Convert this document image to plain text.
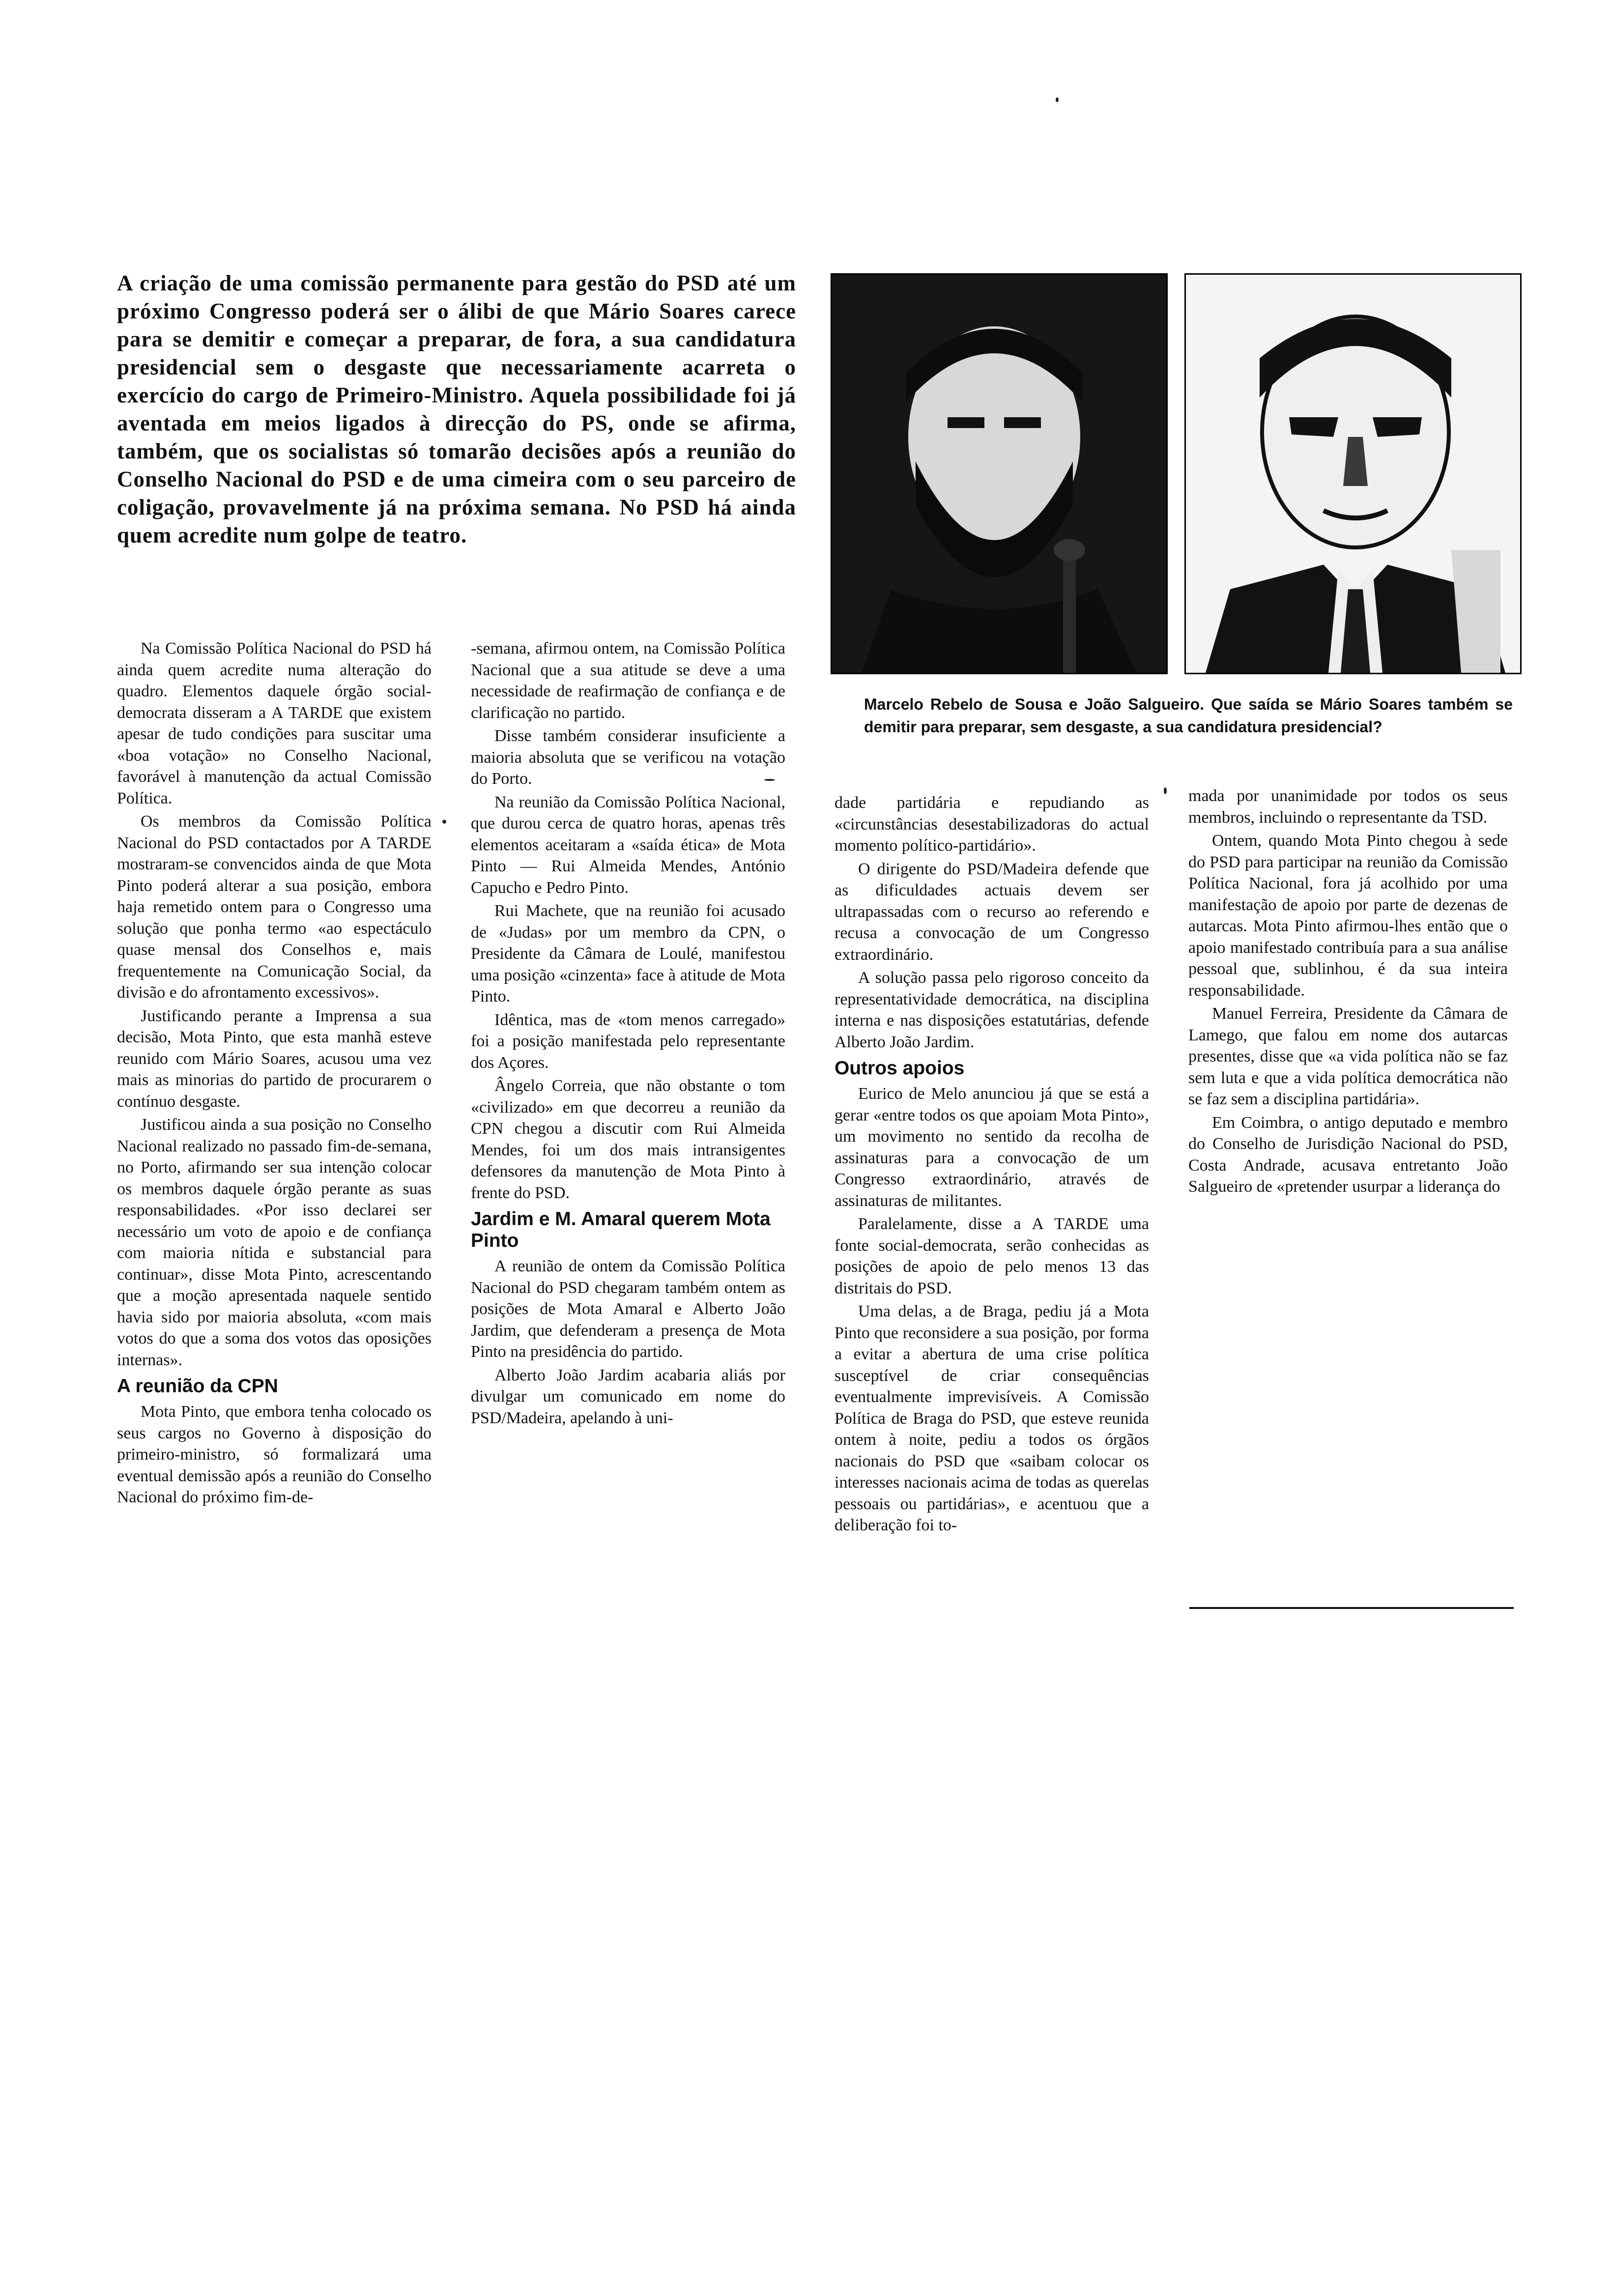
A criação de uma comissão permanente para gestão do PSD até um próximo Congresso poderá ser o álibi de que Mário Soares carece para se demitir e começar a preparar, de fora, a sua candidatura presidencial sem o desgaste que necessariamente acarreta o exercício do cargo de Primeiro-Ministro. Aquela possibilidade foi já aventada em meios ligados à direcção do PS, onde se afirma, também, que os socialistas só tomarão decisões após a reunião do Conselho Nacional do PSD e de uma cimeira com o seu parceiro de coligação, provavelmente já na próxima semana. No PSD há ainda quem acredite num golpe de teatro.

Marcelo Rebelo de Sousa e João Salgueiro. Que saída se Mário Soares também se demitir para preparar, sem desgaste, a sua candidatura presidencial?

Na Comissão Política Nacional do PSD há ainda quem acredite numa alteração do quadro. Elementos daquele órgão social-democrata disseram a A TARDE que existem apesar de tudo condições para suscitar uma «boa votação» no Conselho Nacional, favorável à manutenção da actual Comissão Política.

Os membros da Comissão Política Nacional do PSD contactados por A TARDE mostraram-se convencidos ainda de que Mota Pinto poderá alterar a sua posição, embora haja remetido ontem para o Congresso uma solução que ponha termo «ao espectáculo quase mensal dos Conselhos e, mais frequentemente na Comunicação Social, da divisão e do afrontamento excessivos».

Justificando perante a Imprensa a sua decisão, Mota Pinto, que esta manhã esteve reunido com Mário Soares, acusou uma vez mais as minorias do partido de procurarem o contínuo desgaste.

Justificou ainda a sua posição no Conselho Nacional realizado no passado fim-de-semana, no Porto, afirmando ser sua intenção colocar os membros daquele órgão perante as suas responsabilidades. «Por isso declarei ser necessário um voto de apoio e de confiança com maioria nítida e substancial para continuar», disse Mota Pinto, acrescentando que a moção apresentada naquele sentido havia sido por maioria absoluta, «com mais votos do que a soma dos votos das oposições internas».

A reunião da CPN

Mota Pinto, que embora tenha colocado os seus cargos no Governo à disposição do primeiro-ministro, só formalizará uma eventual demissão após a reunião do Conselho Nacional do próximo fim-de-

-semana, afirmou ontem, na Comissão Política Nacional que a sua atitude se deve a uma necessidade de reafirmação de confiança e de clarificação no partido.

Disse também considerar insuficiente a maioria absoluta que se verificou na votação do Porto.

Na reunião da Comissão Política Nacional, que durou cerca de quatro horas, apenas três elementos aceitaram a «saída ética» de Mota Pinto — Rui Almeida Mendes, António Capucho e Pedro Pinto.

Rui Machete, que na reunião foi acusado de «Judas» por um membro da CPN, o Presidente da Câmara de Loulé, manifestou uma posição «cinzenta» face à atitude de Mota Pinto.

Idêntica, mas de «tom menos carregado» foi a posição manifestada pelo representante dos Açores.

Ângelo Correia, que não obstante o tom «civilizado» em que decorreu a reunião da CPN chegou a discutir com Rui Almeida Mendes, foi um dos mais intransigentes defensores da manutenção de Mota Pinto à frente do PSD.

Jardim e M. Amaral querem Mota Pinto

A reunião de ontem da Comissão Política Nacional do PSD chegaram também ontem as posições de Mota Amaral e Alberto João Jardim, que defenderam a presença de Mota Pinto na presidência do partido.

Alberto João Jardim acabaria aliás por divulgar um comunicado em nome do PSD/Madeira, apelando à uni-

dade partidária e repudiando as «circunstâncias desestabilizadoras do actual momento político-partidário».

O dirigente do PSD/Madeira defende que as dificuldades actuais devem ser ultrapassadas com o recurso ao referendo e recusa a convocação de um Congresso extraordinário.

A solução passa pelo rigoroso conceito da representatividade democrática, na disciplina interna e nas disposições estatutárias, defende Alberto João Jardim.

Outros apoios

Eurico de Melo anunciou já que se está a gerar «entre todos os que apoiam Mota Pinto», um movimento no sentido da recolha de assinaturas para a convocação de um Congresso extraordinário, através de assinaturas de militantes.

Paralelamente, disse a A TARDE uma fonte social-democrata, serão conhecidas as posições de apoio de pelo menos 13 das distritais do PSD.

Uma delas, a de Braga, pediu já a Mota Pinto que reconsidere a sua posição, por forma a evitar a abertura de uma crise política susceptível de criar consequências eventualmente imprevisíveis. A Comissão Política de Braga do PSD, que esteve reunida ontem à noite, pediu a todos os órgãos nacionais do PSD que «saibam colocar os interesses nacionais acima de todas as querelas pessoais ou partidárias», e acentuou que a deliberação foi to-

mada por unanimidade por todos os seus membros, incluindo o representante da TSD.

Ontem, quando Mota Pinto chegou à sede do PSD para participar na reunião da Comissão Política Nacional, fora já acolhido por uma manifestação de apoio por parte de dezenas de autarcas. Mota Pinto afirmou-lhes então que o apoio manifestado contribuía para a sua análise pessoal que, sublinhou, é da sua inteira responsabilidade.

Manuel Ferreira, Presidente da Câmara de Lamego, que falou em nome dos autarcas presentes, disse que «a vida política não se faz sem luta e que a vida política democrática não se faz sem a disciplina partidária».

Em Coimbra, o antigo deputado e membro do Conselho de Jurisdição Nacional do PSD, Costa Andrade, acusava entretanto João Salgueiro de «pretender usurpar a liderança do
